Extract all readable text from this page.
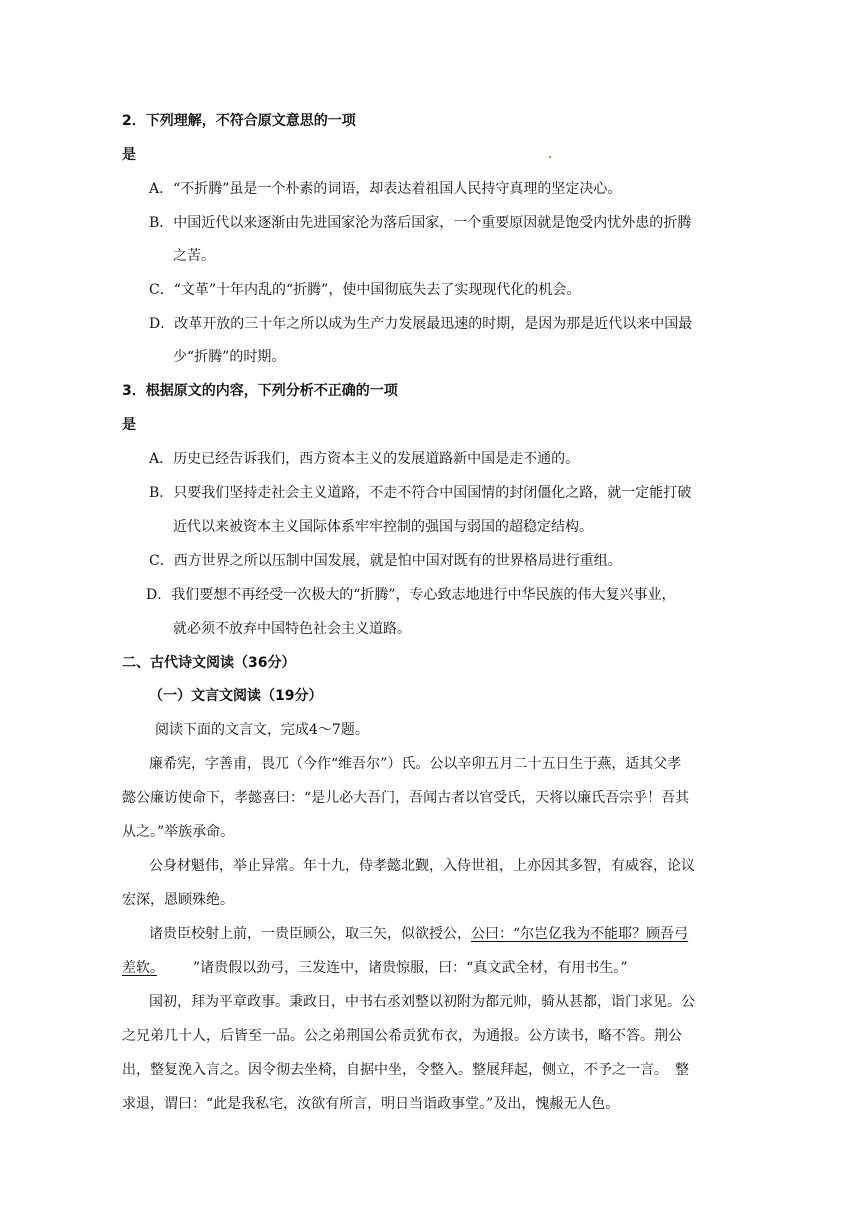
2．下列理解，不符合原文意思的一项
是
A．“不折腾”虽是一个朴素的词语，却表达着祖国人民持守真理的坚定决心。
B．中国近代以来逐渐由先进国家沦为落后国家，一个重要原因就是饱受内忧外患的折腾
之苦。
C．“文革”十年内乱的“折腾”，使中国彻底失去了实现现代化的机会。
D．改革开放的三十年之所以成为生产力发展最迅速的时期，是因为那是近代以来中国最
少“折腾”的时期。
3．根据原文的内容，下列分析不正确的一项
是
A．历史已经告诉我们，西方资本主义的发展道路新中国是走不通的。
B．只要我们坚持走社会主义道路，不走不符合中国国情的封闭僵化之路，就一定能打破
近代以来被资本主义国际体系牢牢控制的强国与弱国的超稳定结构。
C．西方世界之所以压制中国发展，就是怕中国对既有的世界格局进行重组。
D．我们要想不再经受一次极大的“折腾”，专心致志地进行中华民族的伟大复兴事业，
就必须不放弃中国特色社会主义道路。
二、古代诗文阅读（36分）
（一）文言文阅读（19分）
阅读下面的文言文，完成4～7题。
廉希宪，字善甫，畏兀（今作“维吾尔”）氏。公以辛卯五月二十五日生于燕，适其父孝
懿公廉访使命下，孝懿喜曰：“是儿必大吾门，吾闻古者以官受氏，天将以廉氏吾宗乎！吾其
从之。”举族承命。
公身材魁伟，举止异常。年十九，侍孝懿北觐，入侍世祖，上亦因其多智，有威容，论议
宏深，恩顾殊绝。
诸贵臣校射上前，一贵臣顾公，取三矢，似欲授公，公曰：“尔岂亿我为不能耶？顾吾弓
差软。	”诸贵假以劲弓，三发连中，诸贵惊服，曰：“真文武全材，有用书生。”
国初，拜为平章政事。秉政日，中书右丞刘整以初附为都元帅，骑从甚都，诣门求见。公
之兄弟几十人，后皆至一品。公之弟荆国公希贡犹布衣，为通报。公方读书，略不答。荆公
出，整复浼入言之。因令彻去坐椅，自据中坐，令整入。整展拜起，侧立，不予之一言。　整
求退，谓曰：“此是我私宅，汝欲有所言，明日当诣政事堂。”及出，愧赧无人色。
